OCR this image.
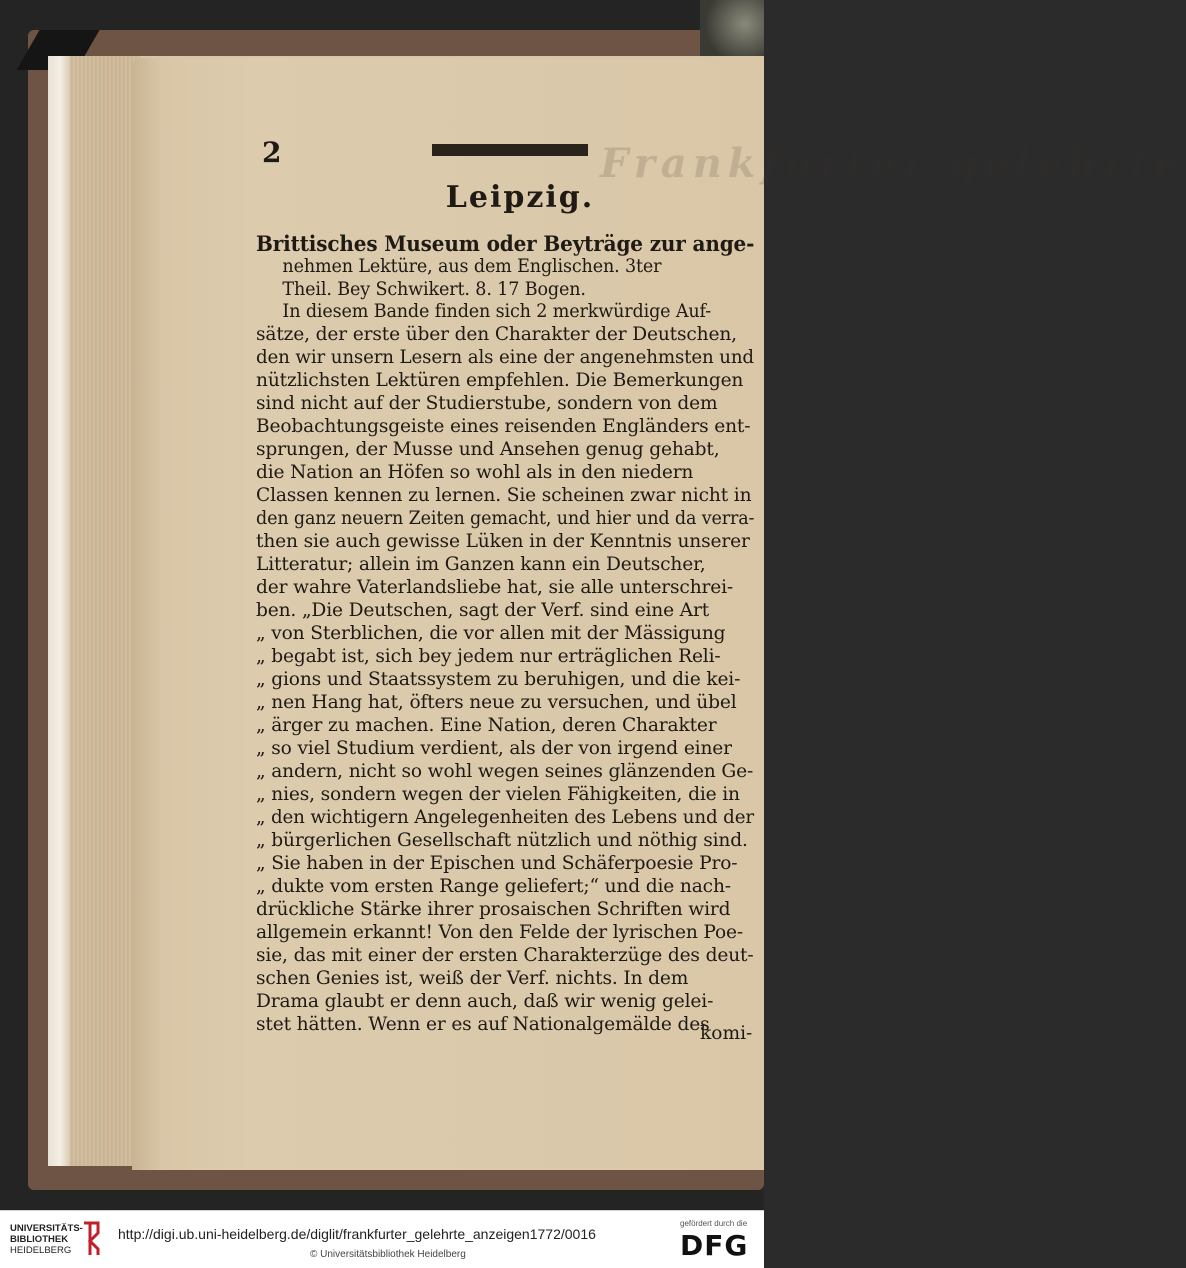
2	Frankfurter gelehrte
Leipzig.
Brittisches Museum oder Beyträge zur ange-
nehmen Lektüre, aus dem Englischen. 3ter
Theil. Bey Schwikert. 8. 17 Bogen.
In diesem Bande finden sich 2 merkwürdige Auf-
sätze, der erste über den Charakter der Deutschen,
den wir unsern Lesern als eine der angenehmsten und
nützlichsten Lektüren empfehlen. Die Bemerkungen
sind nicht auf der Studierstube, sondern von dem
Beobachtungsgeiste eines reisenden Engländers ent-
sprungen, der Musse und Ansehen genug gehabt,
die Nation an Höfen so wohl als in den niedern
Classen kennen zu lernen. Sie scheinen zwar nicht in
den ganz neuern Zeiten gemacht, und hier und da verra-
then sie auch gewisse Lüken in der Kenntnis unserer
Litteratur; allein im Ganzen kann ein Deutscher,
der wahre Vaterlandsliebe hat, sie alle unterschrei-
ben. „Die Deutschen, sagt der Verf. sind eine Art
„ von Sterblichen, die vor allen mit der Mässigung
„ begabt ist, sich bey jedem nur erträglichen Reli-
„ gions und Staatssystem zu beruhigen, und die kei-
„ nen Hang hat, öfters neue zu versuchen, und übel
„ ärger zu machen. Eine Nation, deren Charakter
„ so viel Studium verdient, als der von irgend einer
„ andern, nicht so wohl wegen seines glänzenden Ge-
„ nies, sondern wegen der vielen Fähigkeiten, die in
„ den wichtigern Angelegenheiten des Lebens und der
„ bürgerlichen Gesellschaft nützlich und nöthig sind.
„ Sie haben in der Epischen und Schäferpoesie Pro-
„ dukte vom ersten Range geliefert;“ und die nach-
drückliche Stärke ihrer prosaischen Schriften wird
allgemein erkannt! Von den Felde der lyrischen Poe-
sie, das mit einer der ersten Charakterzüge des deut-
schen Genies ist, weiß der Verf. nichts. In dem
Drama glaubt er denn auch, daß wir wenig gelei-
stet hätten. Wenn er es auf Nationalgemälde des
komi-
UNIVERSITÄTS-
BIBLIOTHEK
HEIDELBERG
http://digi.ub.uni-heidelberg.de/diglit/frankfurter_gelehrte_anzeigen1772/0016
© Universitätsbibliothek Heidelberg
gefördert durch die
DFG
